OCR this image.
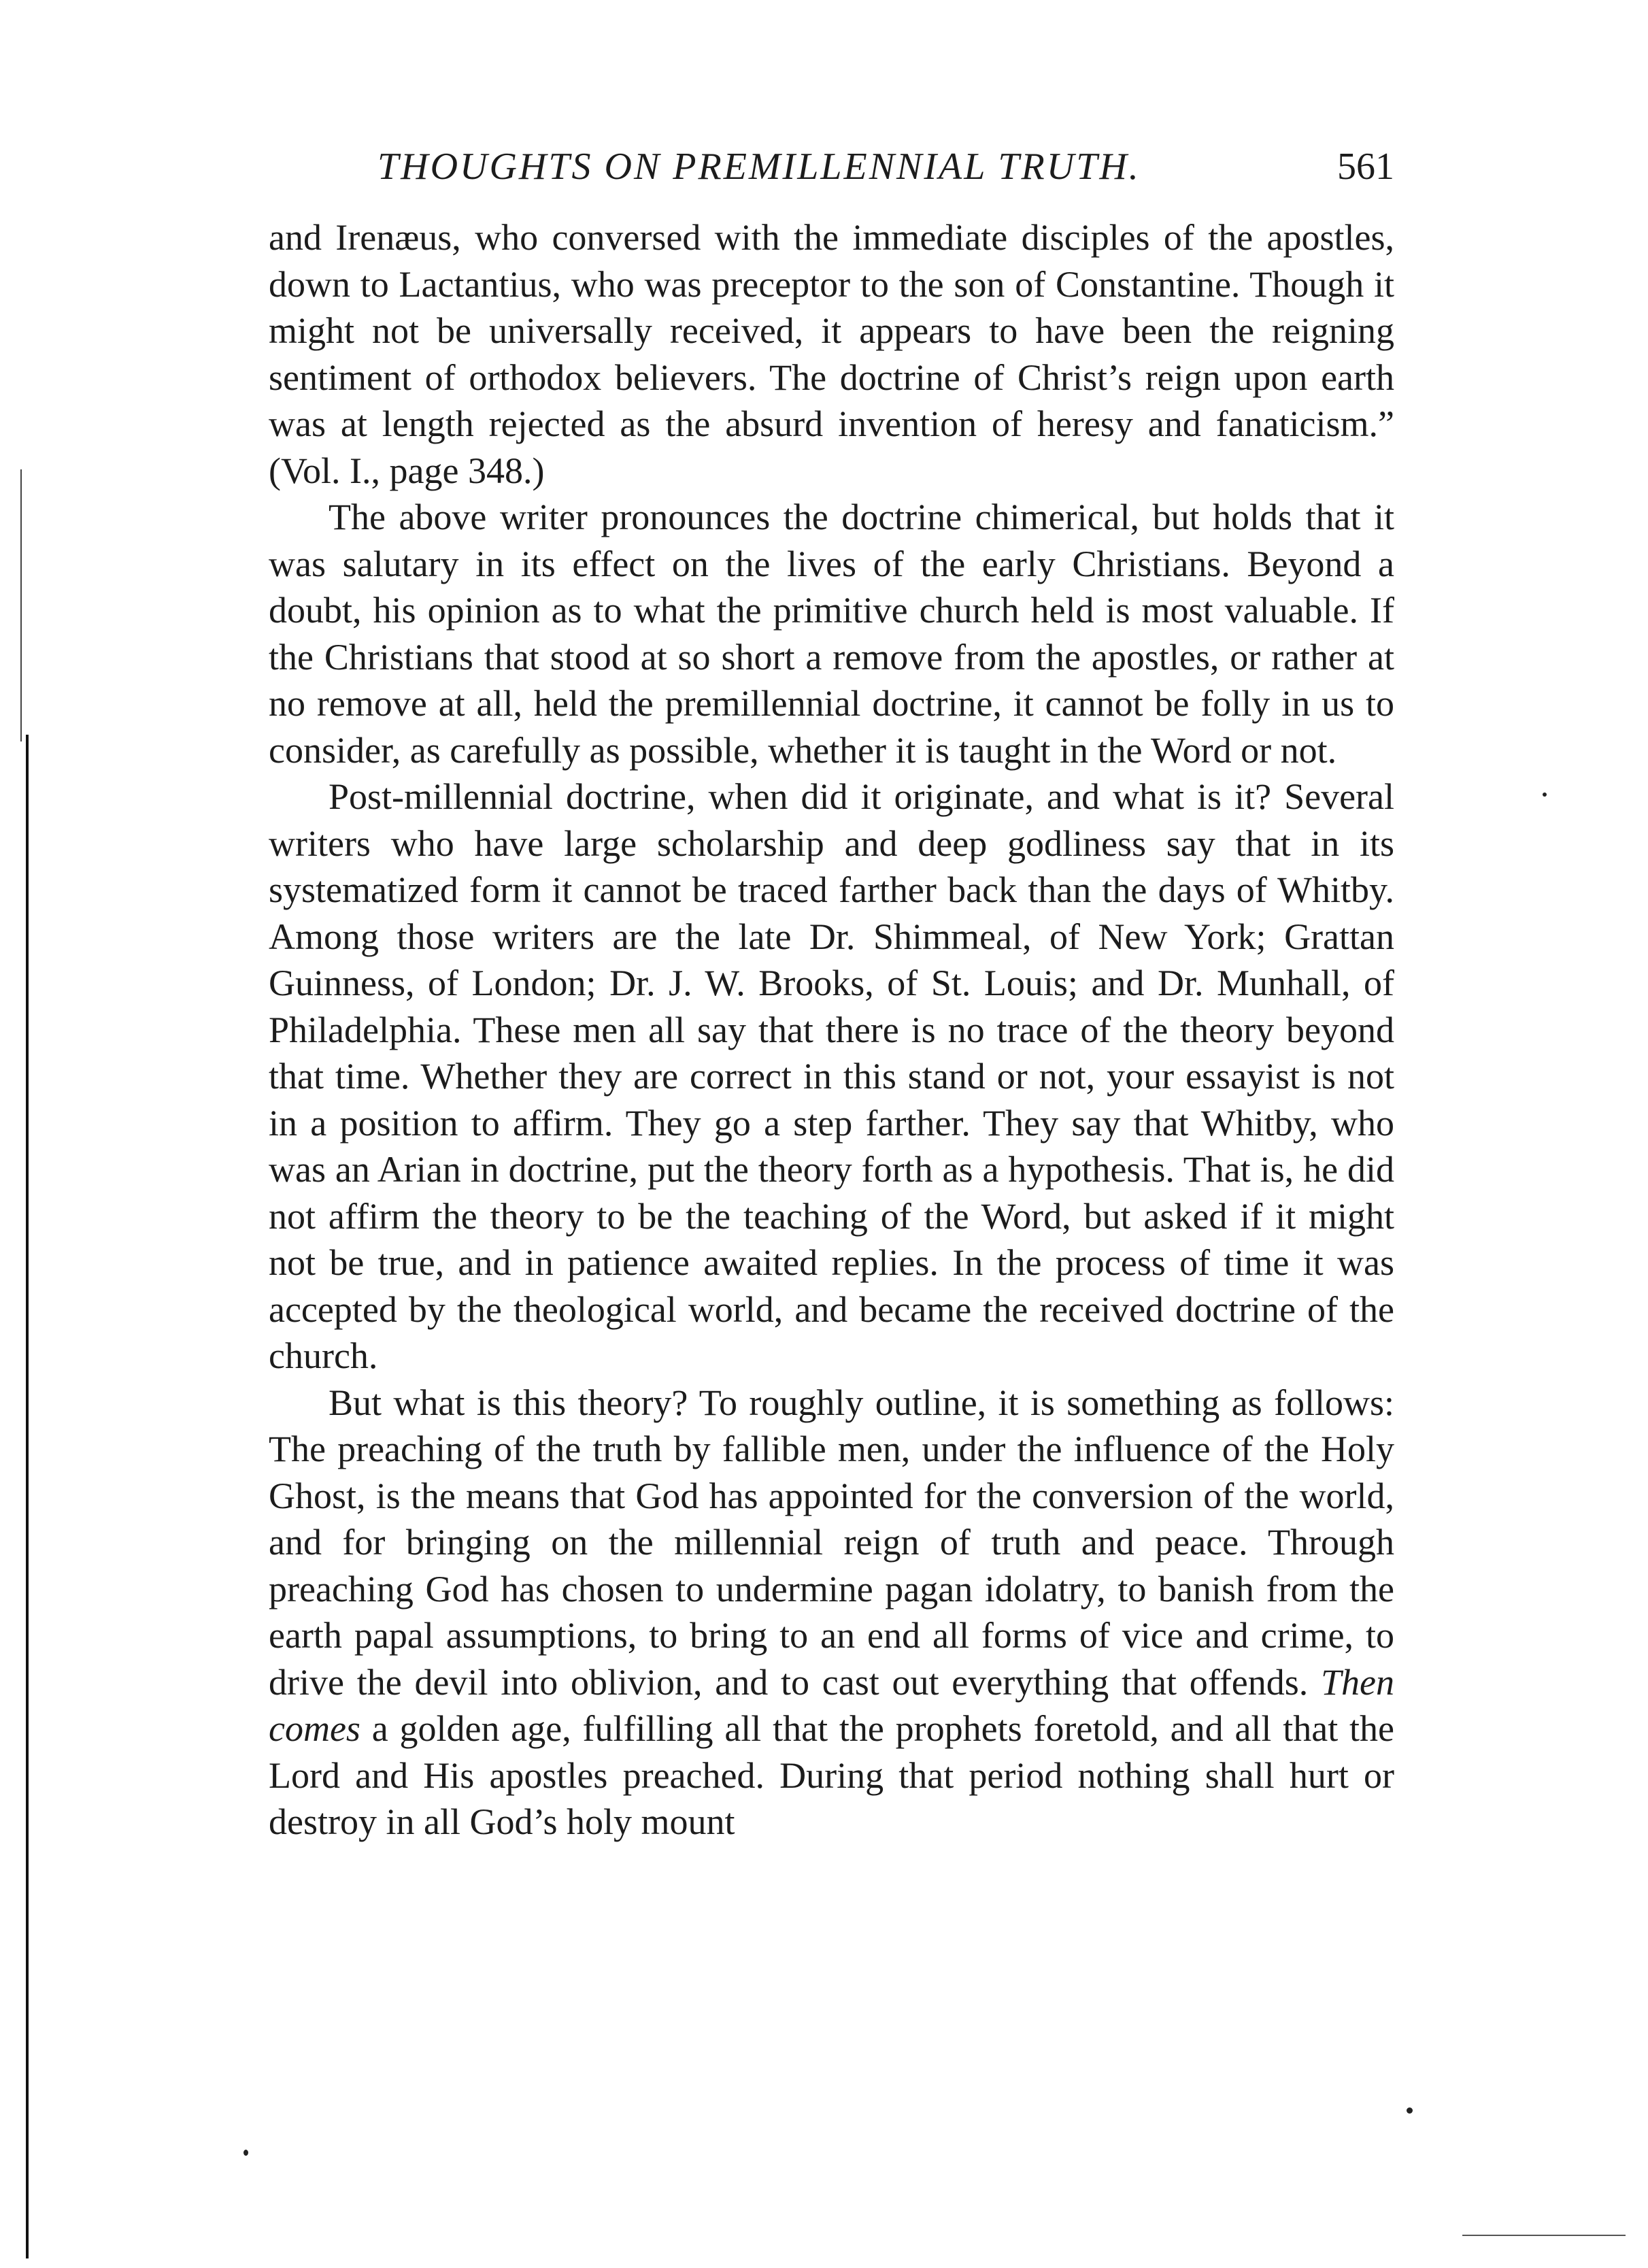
THOUGHTS ON PREMILLENNIAL TRUTH.	561

and Irenæus, who conversed with the immediate disciples of the apostles, down to Lactantius, who was preceptor to the son of Constantine. Though it might not be universally received, it appears to have been the reigning sentiment of orthodox believers. The doctrine of Christ’s reign upon earth was at length rejected as the absurd invention of heresy and fanaticism.” (Vol. I., page 348.)

The above writer pronounces the doctrine chimerical, but holds that it was salutary in its effect on the lives of the early Christians. Beyond a doubt, his opinion as to what the primitive church held is most valuable. If the Christians that stood at so short a remove from the apostles, or rather at no remove at all, held the premillennial doctrine, it cannot be folly in us to consider, as carefully as possible, whether it is taught in the Word or not.

Post-millennial doctrine, when did it originate, and what is it? Several writers who have large scholarship and deep godliness say that in its systematized form it cannot be traced farther back than the days of Whitby. Among those writers are the late Dr. Shimmeal, of New York; Grattan Guinness, of London; Dr. J. W. Brooks, of St. Louis; and Dr. Munhall, of Philadelphia. These men all say that there is no trace of the theory beyond that time. Whether they are correct in this stand or not, your essayist is not in a position to affirm. They go a step farther. They say that Whitby, who was an Arian in doctrine, put the theory forth as a hypothesis. That is, he did not affirm the theory to be the teaching of the Word, but asked if it might not be true, and in patience awaited replies. In the process of time it was accepted by the theological world, and became the received doctrine of the church.

But what is this theory? To roughly outline, it is something as follows: The preaching of the truth by fallible men, under the influence of the Holy Ghost, is the means that God has appointed for the conversion of the world, and for bringing on the millennial reign of truth and peace. Through preaching God has chosen to undermine pagan idolatry, to banish from the earth papal assumptions, to bring to an end all forms of vice and crime, to drive the devil into oblivion, and to cast out everything that offends. Then comes a golden age, fulfilling all that the prophets foretold, and all that the Lord and His apostles preached. During that period nothing shall hurt or destroy in all God’s holy mount
